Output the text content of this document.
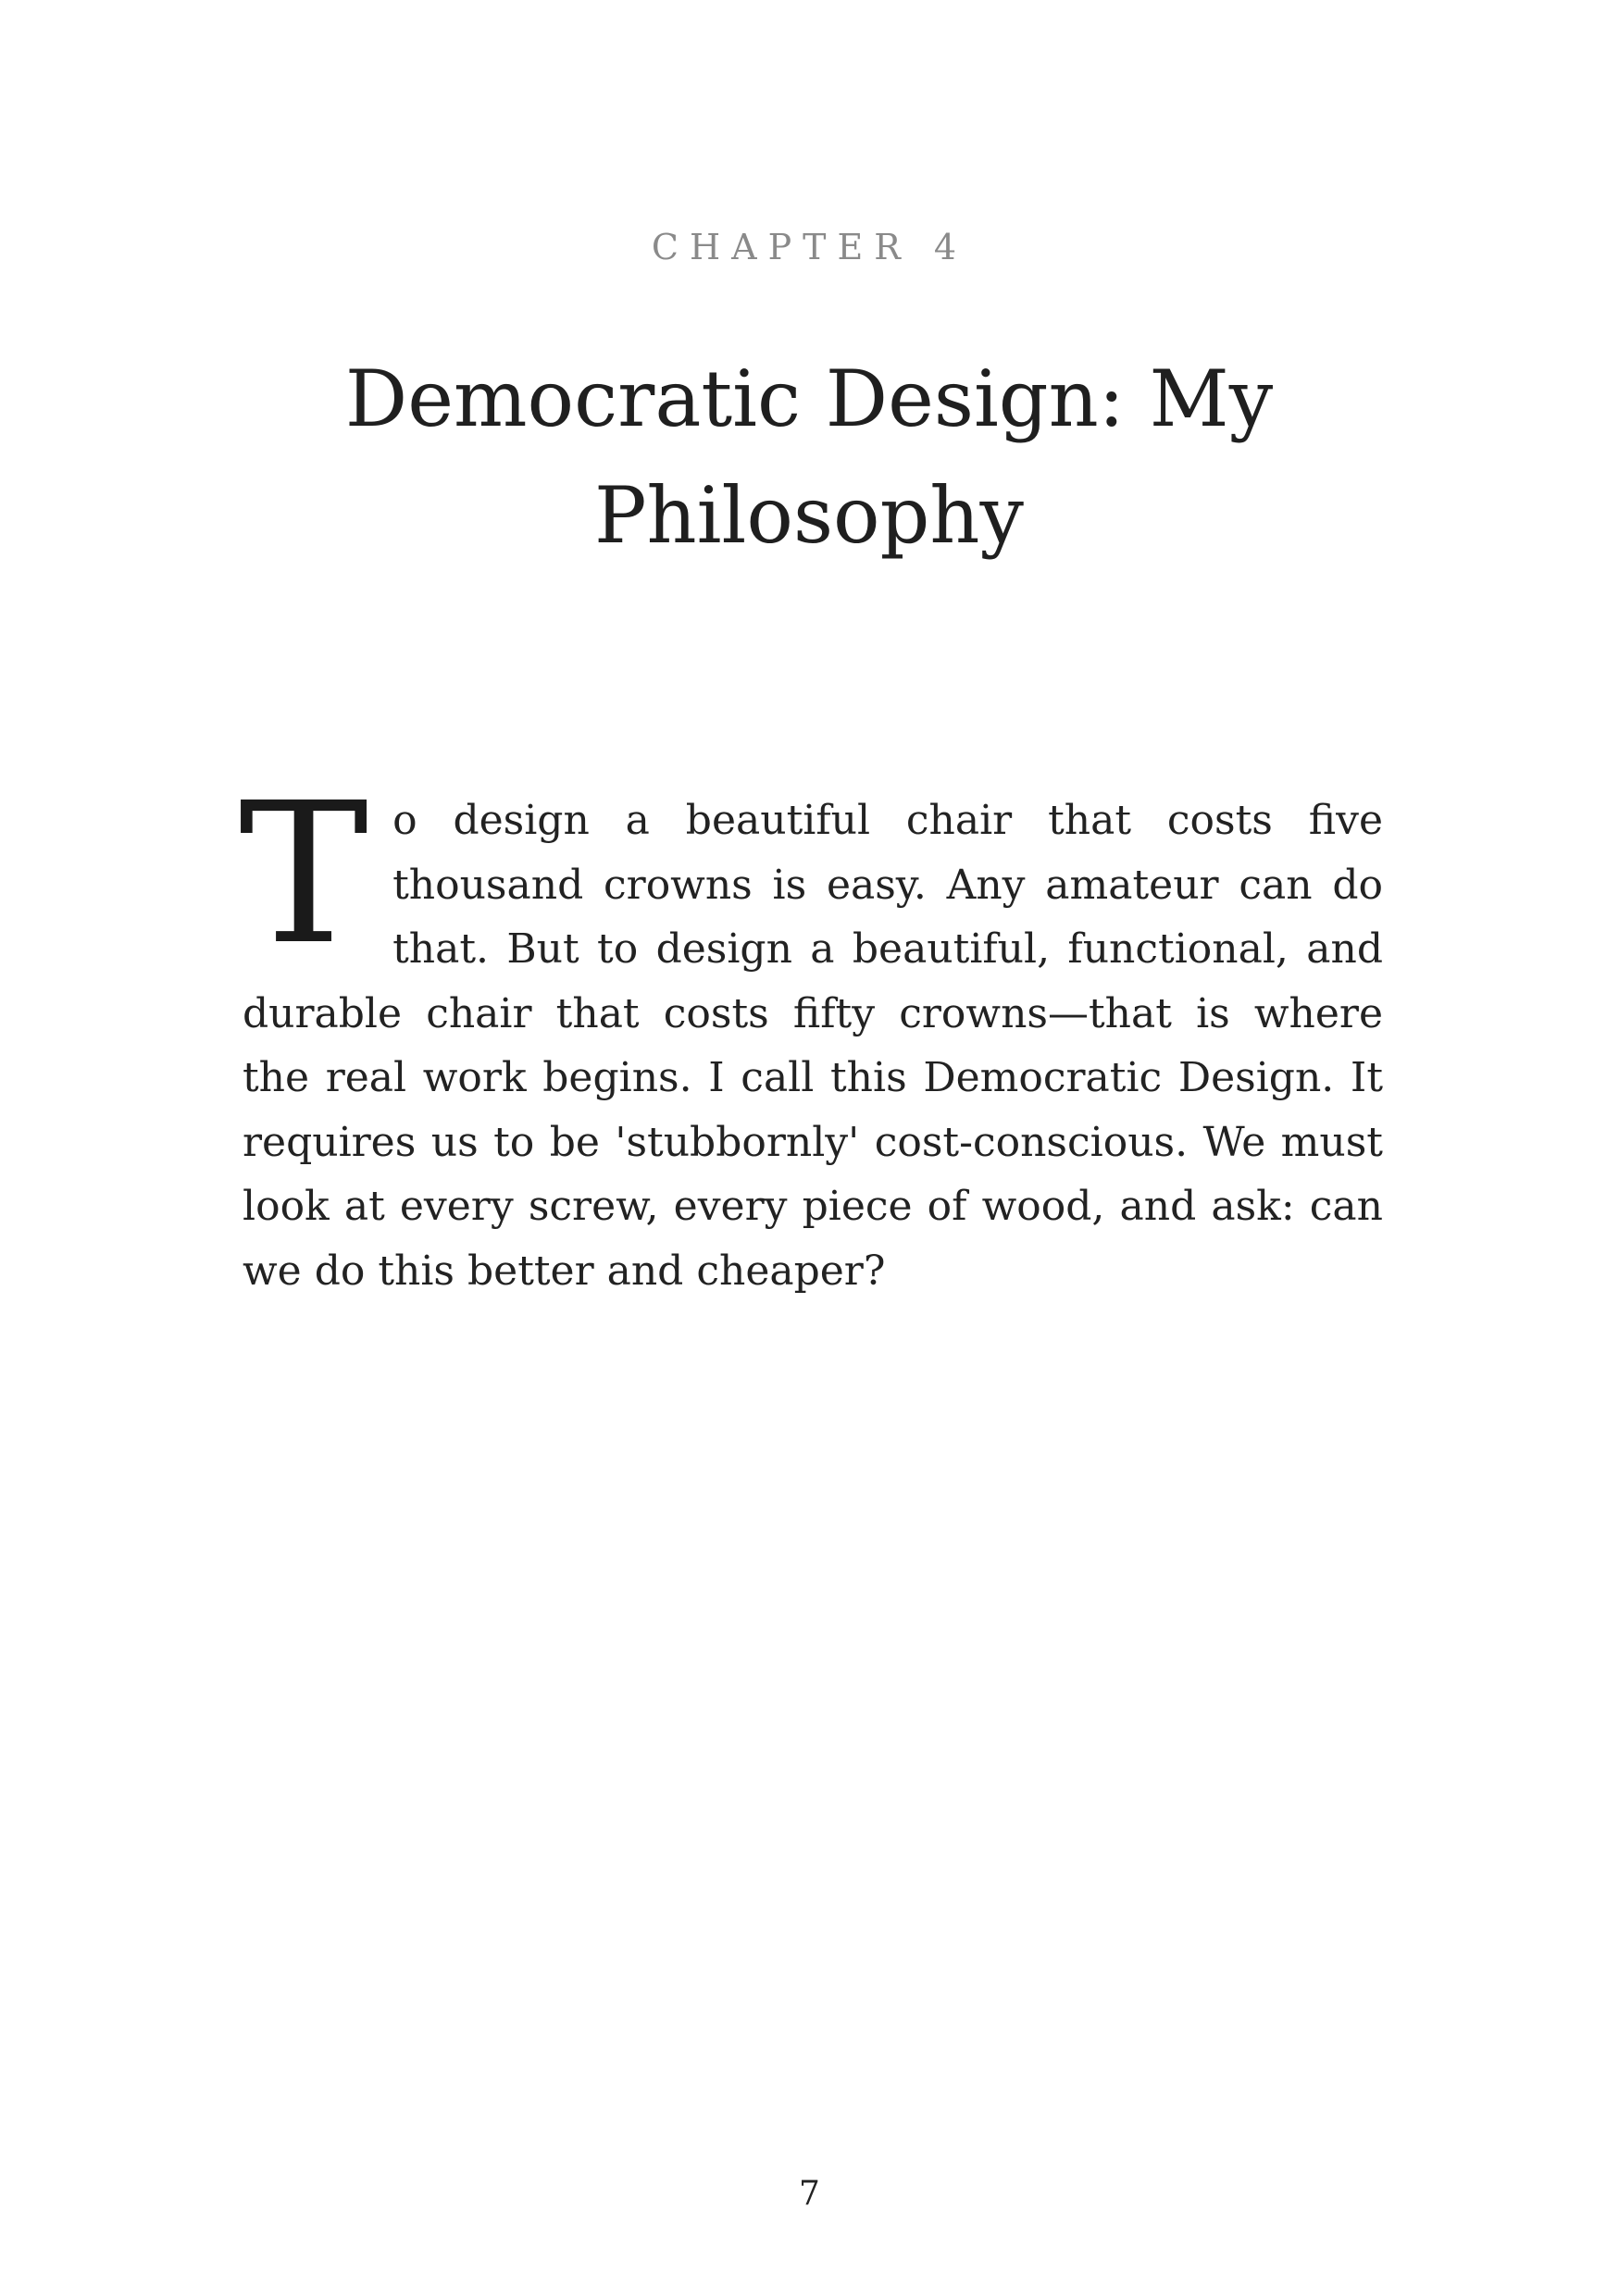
CHAPTER 4
Democratic Design: My Philosophy

To design a beautiful chair that costs five thousand crowns is easy. Any amateur can do that. But to design a beautiful, functional, and durable chair that costs fifty crowns—that is where the real work begins. I call this Democratic Design. It requires us to be 'stubbornly' cost-conscious. We must look at every screw, every piece of wood, and ask: can we do this better and cheaper?

7
